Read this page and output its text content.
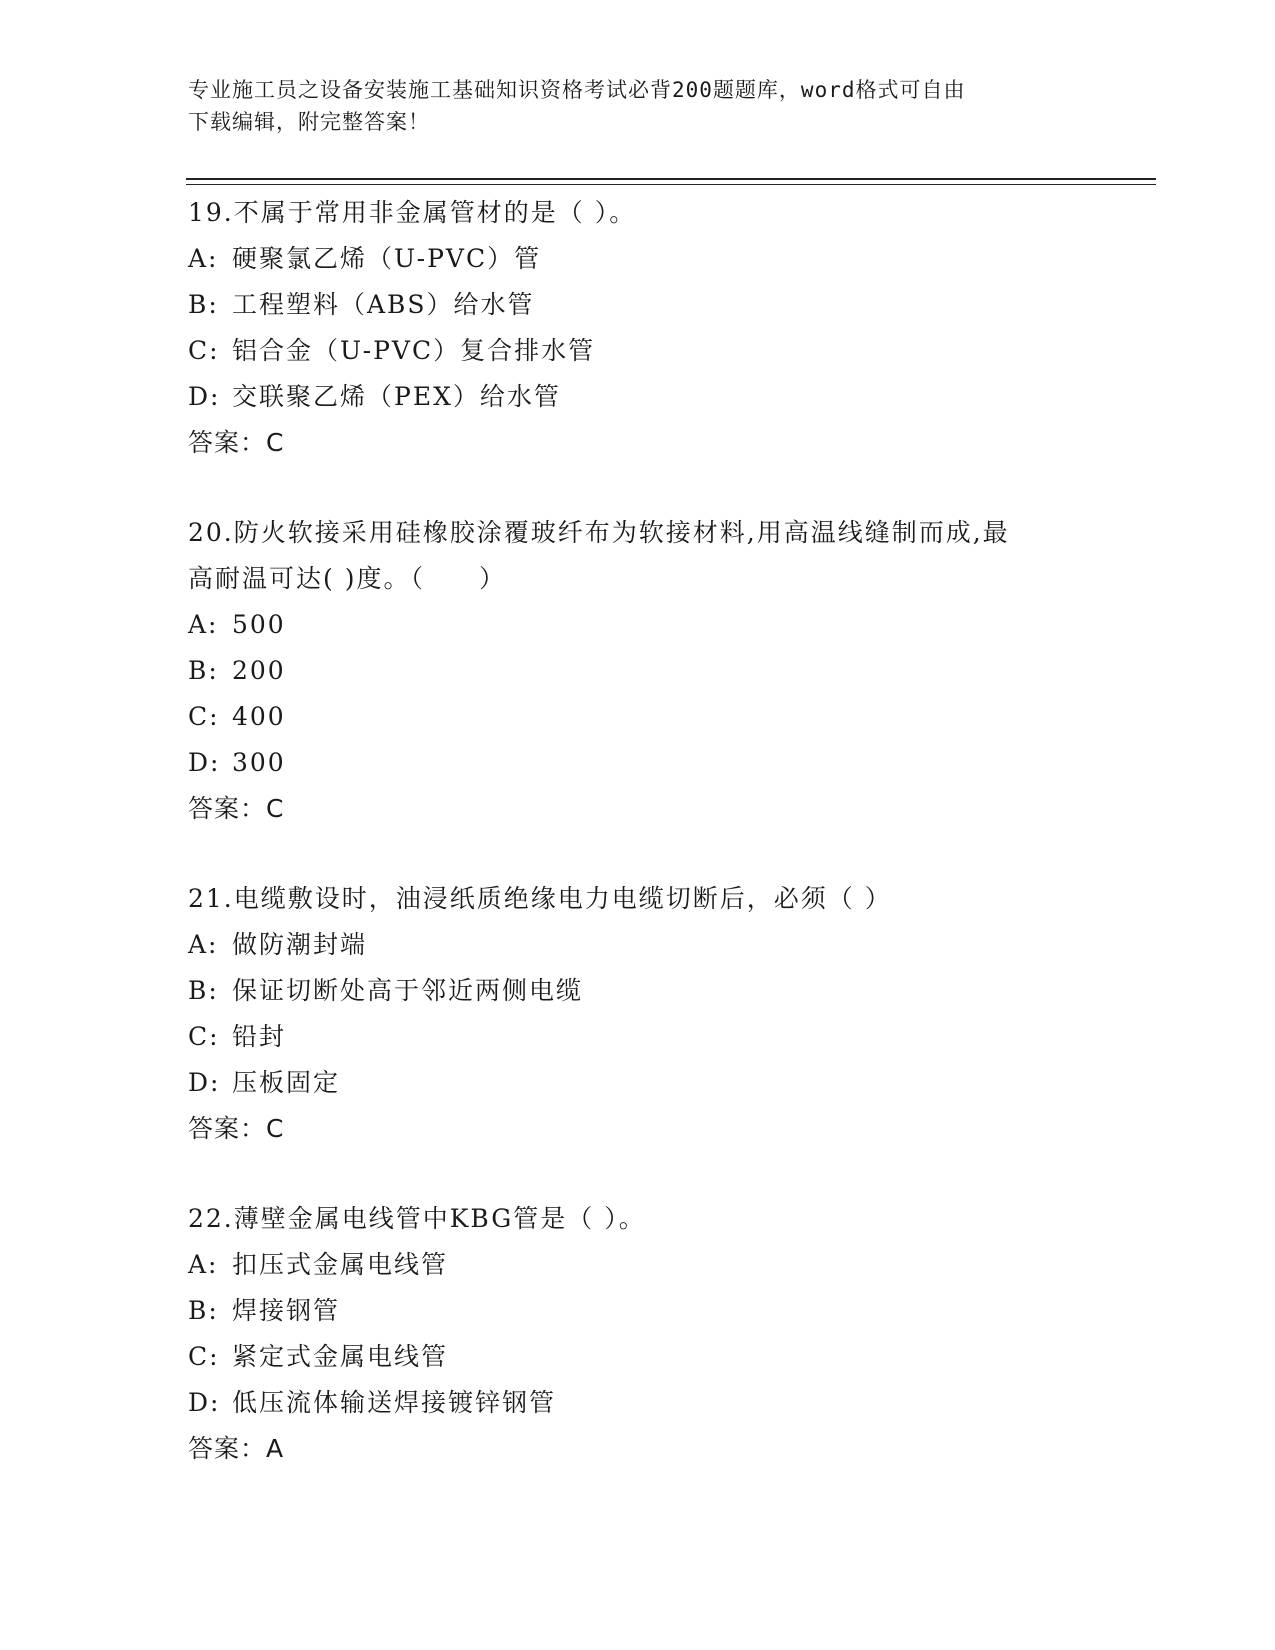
专业施工员之设备安装施工基础知识资格考试必背200题题库，word格式可自由
下载编辑，附完整答案！

19.不属于常用非金属管材的是（ ）。

A: 硬聚氯乙烯（U-PVC）管

B: 工程塑料（ABS）给水管

C: 铝合金（U-PVC）复合排水管

D: 交联聚乙烯（PEX）给水管

答案：C

20.防火软接采用硅橡胶涂覆玻纤布为软接材料,用高温线缝制而成,最

高耐温可达( )度。（　　）

A: 500

B: 200

C: 400

D: 300

答案：C

21.电缆敷设时，油浸纸质绝缘电力电缆切断后，必须（ ）

A: 做防潮封端

B: 保证切断处高于邻近两侧电缆

C: 铅封

D: 压板固定

答案：C

22.薄壁金属电线管中KBG管是（ ）。

A: 扣压式金属电线管

B: 焊接钢管

C: 紧定式金属电线管

D: 低压流体输送焊接镀锌钢管

答案：A
